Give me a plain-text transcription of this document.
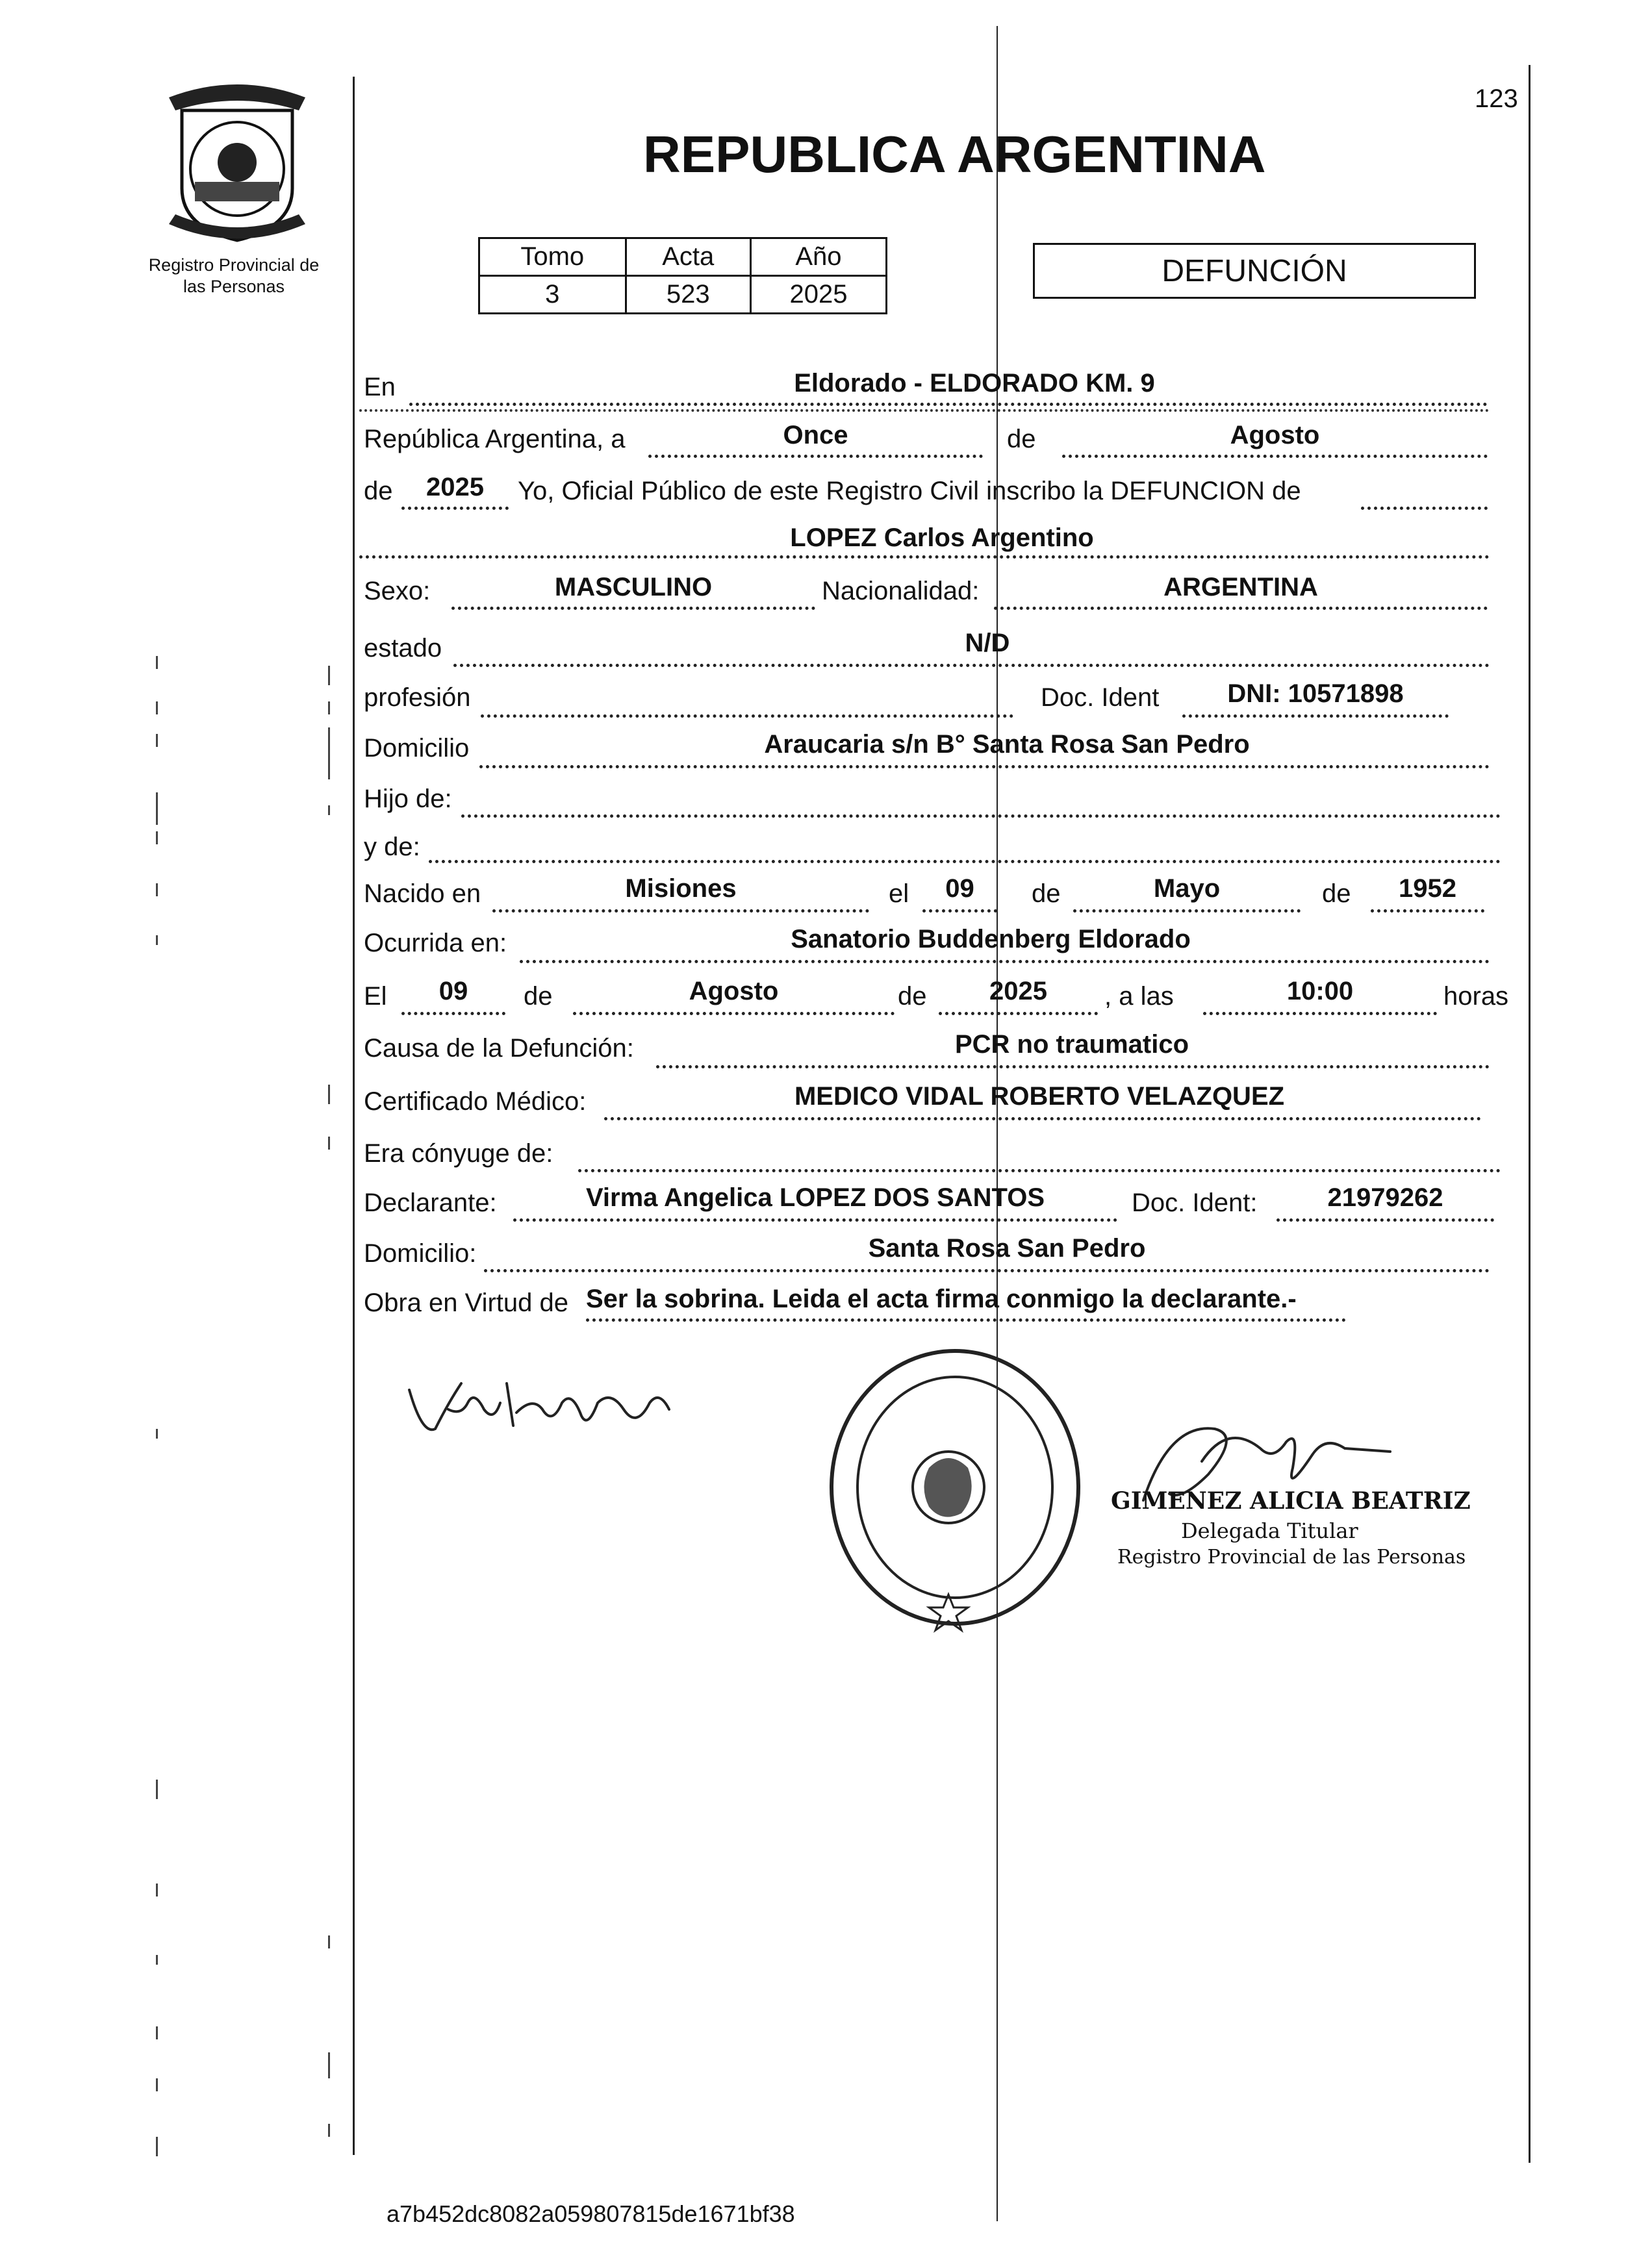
123
Registro Provincial de
las Personas
REPUBLICA ARGENTINA
Tomo	Acta	Año
3	523	2025
DEFUNCIÓN
En	Eldorado - ELDORADO KM. 9
República Argentina, a	Once	de	Agosto
de	2025	Yo, Oficial Público de este Registro Civil inscribo la DEFUNCION de
LOPEZ Carlos Argentino
Sexo:	MASCULINO	Nacionalidad:	ARGENTINA
estado	N/D
profesión	Doc. Ident	DNI: 10571898
Domicilio	Araucaria s/n B° Santa Rosa San Pedro
Hijo de:
y de:
Nacido en	Misiones	el	09	de	Mayo	de	1952
Ocurrida en:	Sanatorio Buddenberg Eldorado
El	09	de	Agosto	de	2025	, a las	10:00	horas
Causa de la Defunción:	PCR no traumatico
Certificado Médico:	MEDICO VIDAL ROBERTO VELAZQUEZ
Era cónyuge de:
Declarante:	Virma Angelica LOPEZ DOS SANTOS	Doc. Ident:	21979262
Domicilio:	Santa Rosa San Pedro
Obra en Virtud de Ser la sobrina. Leida el acta firma conmigo la declarante.-
GIMENEZ ALICIA BEATRIZ
Delegada Titular
Registro Provincial de las Personas
a7b452dc8082a059807815de1671bf38
